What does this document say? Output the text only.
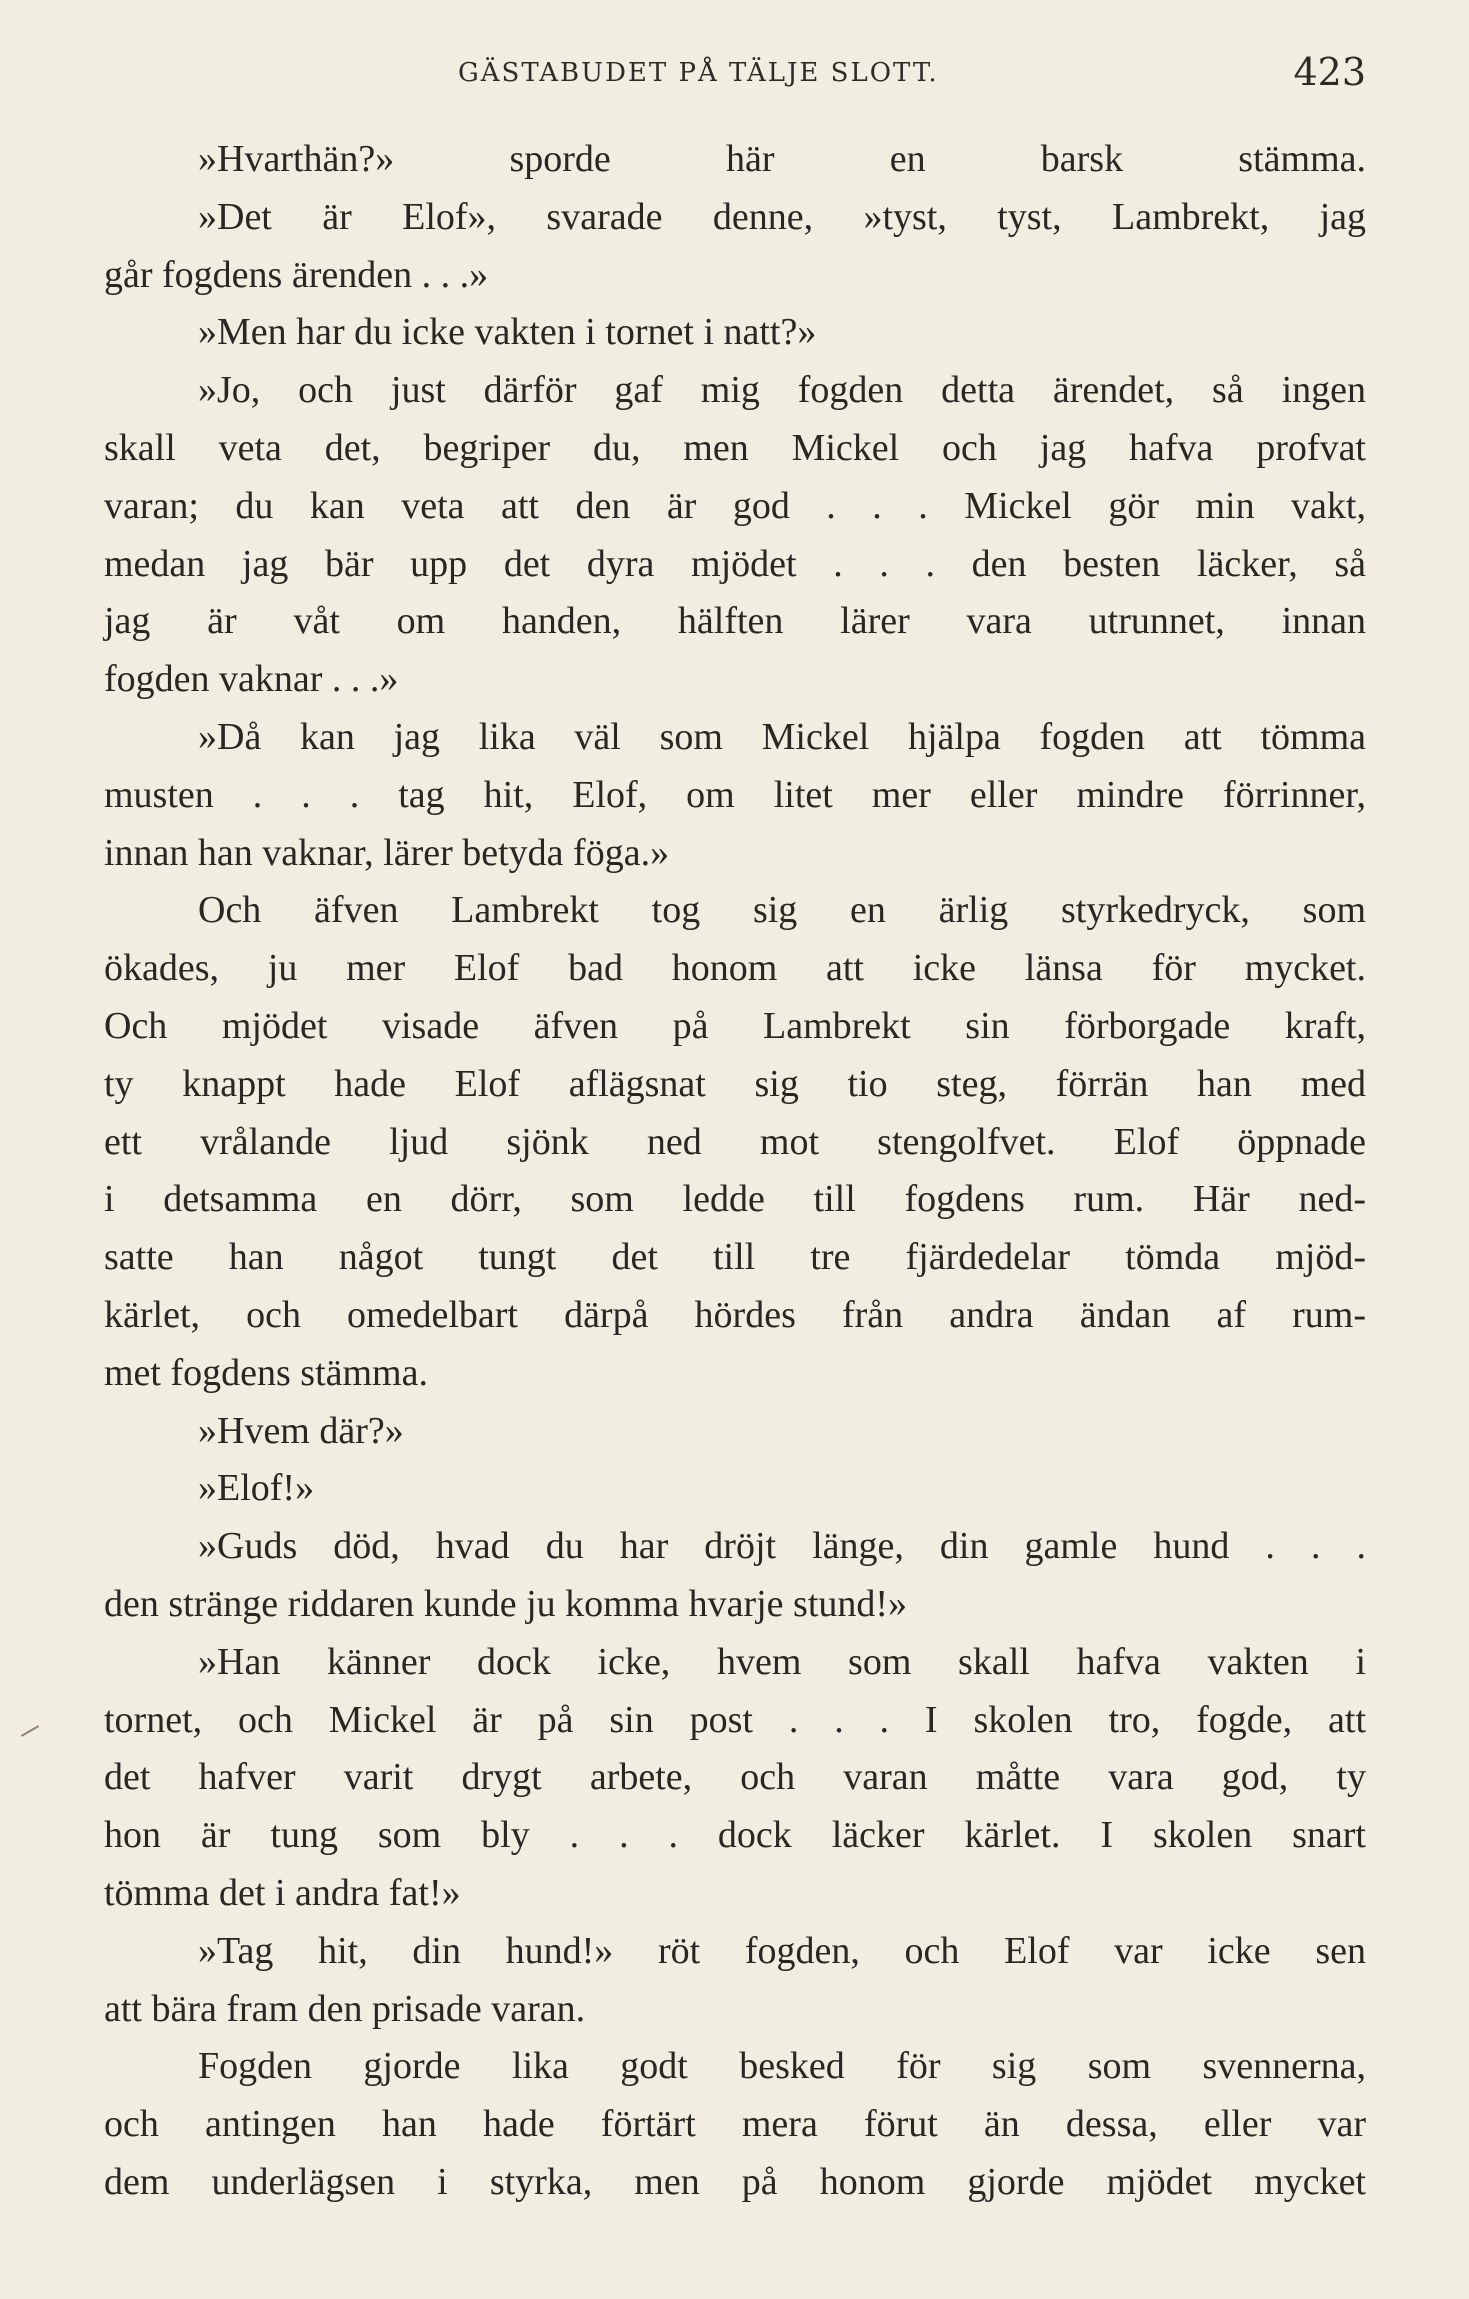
GÄSTABUDET PÅ TÄLJE SLOTT.	423
»Hvarthän?» sporde här en barsk stämma.
»Det är Elof», svarade denne, »tyst, tyst, Lambrekt, jag
går fogdens ärenden . . .»
»Men har du icke vakten i tornet i natt?»
»Jo, och just därför gaf mig fogden detta ärendet, så ingen
skall veta det, begriper du, men Mickel och jag hafva profvat
varan; du kan veta att den är god . . . Mickel gör min vakt,
medan jag bär upp det dyra mjödet . . . den besten läcker, så
jag är våt om handen, hälften lärer vara utrunnet, innan
fogden vaknar . . .»
»Då kan jag lika väl som Mickel hjälpa fogden att tömma
musten . . . tag hit, Elof, om litet mer eller mindre förrinner,
innan han vaknar, lärer betyda föga.»
Och äfven Lambrekt tog sig en ärlig styrkedryck, som
ökades, ju mer Elof bad honom att icke länsa för mycket.
Och mjödet visade äfven på Lambrekt sin förborgade kraft,
ty knappt hade Elof aflägsnat sig tio steg, förrän han med
ett vrålande ljud sjönk ned mot stengolfvet. Elof öppnade
i detsamma en dörr, som ledde till fogdens rum. Här ned-
satte han något tungt det till tre fjärdedelar tömda mjöd-
kärlet, och omedelbart därpå hördes från andra ändan af rum-
met fogdens stämma.
»Hvem där?»
»Elof!»
»Guds död, hvad du har dröjt länge, din gamle hund . . .
den stränge riddaren kunde ju komma hvarje stund!»
»Han känner dock icke, hvem som skall hafva vakten i
tornet, och Mickel är på sin post . . . I skolen tro, fogde, att
det hafver varit drygt arbete, och varan måtte vara god, ty
hon är tung som bly . . . dock läcker kärlet. I skolen snart
tömma det i andra fat!»
»Tag hit, din hund!» röt fogden, och Elof var icke sen
att bära fram den prisade varan.
Fogden gjorde lika godt besked för sig som svennerna,
och antingen han hade förtärt mera förut än dessa, eller var
dem underlägsen i styrka, men på honom gjorde mjödet mycket
